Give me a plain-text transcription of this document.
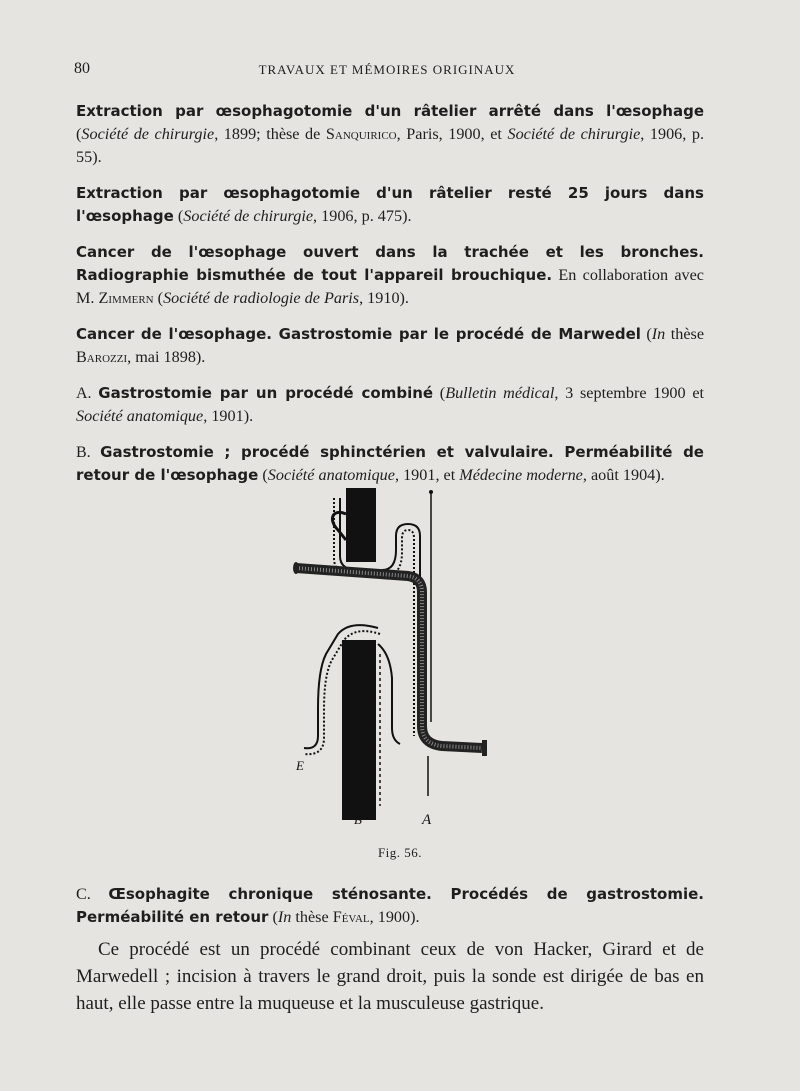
80	TRAVAUX ET MÉMOIRES ORIGINAUX
Extraction par œsophagotomie d'un râtelier arrêté dans l'œsophage (Société de chirurgie, 1899; thèse de Sanquirico, Paris, 1900, et Société de chirurgie, 1906, p. 55).
Extraction par œsophagotomie d'un râtelier resté 25 jours dans l'œsophage (Société de chirurgie, 1906, p. 475).
Cancer de l'œsophage ouvert dans la trachée et les bronches. Radiographie bismuthée de tout l'appareil brouchique. En collaboration avec M. Zimmern (Société de radiologie de Paris, 1910).
Cancer de l'œsophage. Gastrostomie par le procédé de Marwedel (In thèse Barozzi, mai 1898).
A. Gastrostomie par un procédé combiné (Bulletin médical, 3 septembre 1900 et Société anatomique, 1901).
B. Gastrostomie ; procédé sphinctérien et valvulaire. Perméabilité de retour de l'œsophage (Société anatomique, 1901, et Médecine moderne, août 1904).
E
B	A
Fig. 56.
C. Œsophagite chronique sténosante. Procédés de gastrostomie. Perméabilité en retour (In thèse Féval, 1900).
Ce procédé est un procédé combinant ceux de von Hacker, Girard et de Marwedell ; incision à travers le grand droit, puis la sonde est dirigée de bas en haut, elle passe entre la muqueuse et la musculeuse gastrique.
